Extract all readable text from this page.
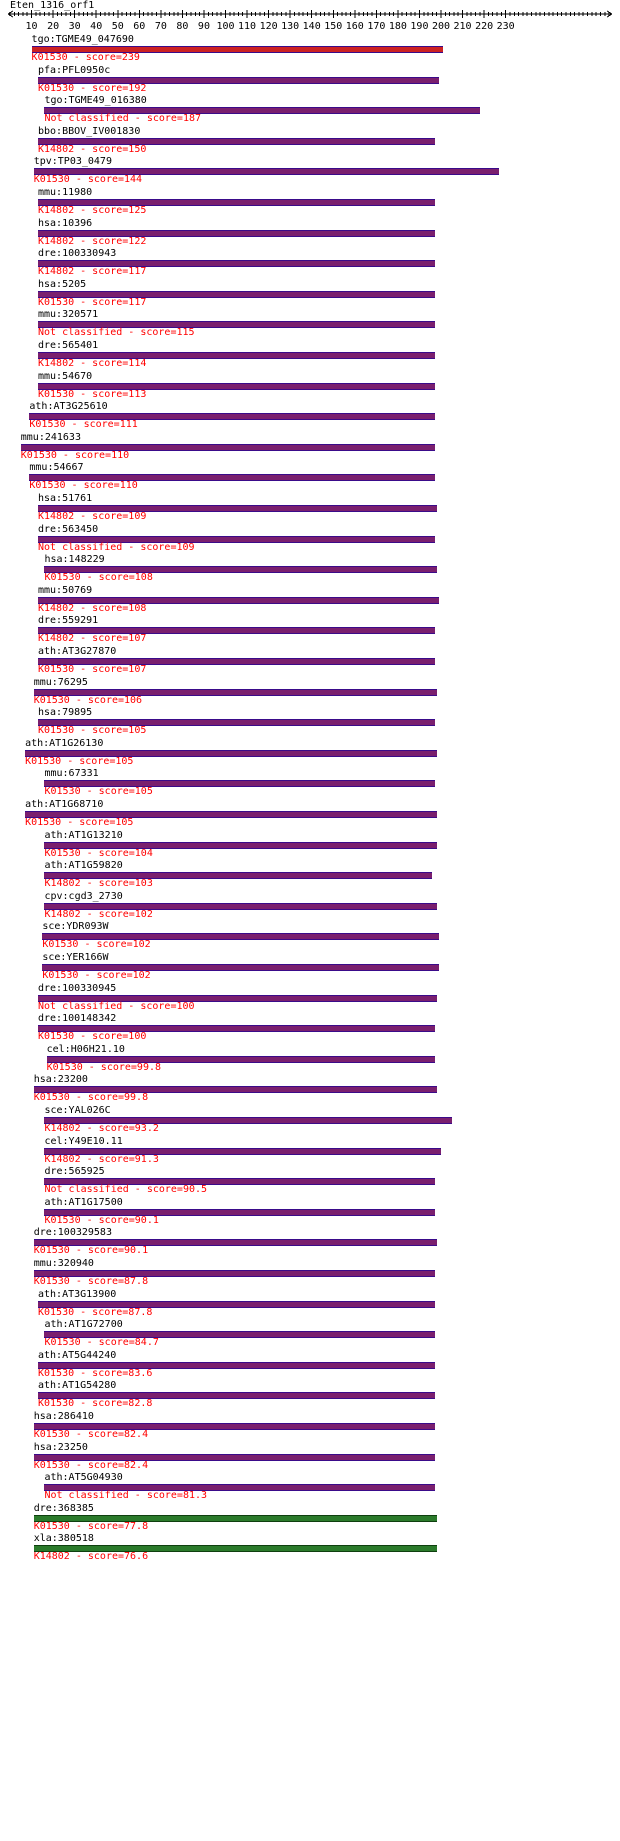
Eten_1316_orf1
10 20 30 40 50 60 70 80 90 100 110 120 130 140 150 160 170 180 190 200 210 220 230
tgo:TGME49_047690
K01530 - score=239
pfa:PFL0950c
K01530 - score=192
tgo:TGME49_016380
Not classified - score=187
bbo:BBOV_IV001830
K14802 - score=150
tpv:TP03_0479
K01530 - score=144
mmu:11980
K14802 - score=125
hsa:10396
K14802 - score=122
dre:100330943
K14802 - score=117
hsa:5205
K01530 - score=117
mmu:320571
Not classified - score=115
dre:565401
K14802 - score=114
mmu:54670
K01530 - score=113
ath:AT3G25610
K01530 - score=111
mmu:241633
K01530 - score=110
mmu:54667
K01530 - score=110
hsa:51761
K14802 - score=109
dre:563450
Not classified - score=109
hsa:148229
K01530 - score=108
mmu:50769
K14802 - score=108
dre:559291
K14802 - score=107
ath:AT3G27870
K01530 - score=107
mmu:76295
K01530 - score=106
hsa:79895
K01530 - score=105
ath:AT1G26130
K01530 - score=105
mmu:67331
K01530 - score=105
ath:AT1G68710
K01530 - score=105
ath:AT1G13210
K01530 - score=104
ath:AT1G59820
K14802 - score=103
cpv:cgd3_2730
K14802 - score=102
sce:YDR093W
K01530 - score=102
sce:YER166W
K01530 - score=102
dre:100330945
Not classified - score=100
dre:100148342
K01530 - score=100
cel:H06H21.10
K01530 - score=99.8
hsa:23200
K01530 - score=99.8
sce:YAL026C
K14802 - score=93.2
cel:Y49E10.11
K14802 - score=91.3
dre:565925
Not classified - score=90.5
ath:AT1G17500
K01530 - score=90.1
dre:100329583
K01530 - score=90.1
mmu:320940
K01530 - score=87.8
ath:AT3G13900
K01530 - score=87.8
ath:AT1G72700
K01530 - score=84.7
ath:AT5G44240
K01530 - score=83.6
ath:AT1G54280
K01530 - score=82.8
hsa:286410
K01530 - score=82.4
hsa:23250
K01530 - score=82.4
ath:AT5G04930
Not classified - score=81.3
dre:368385
K01530 - score=77.8
xla:380518
K14802 - score=76.6
